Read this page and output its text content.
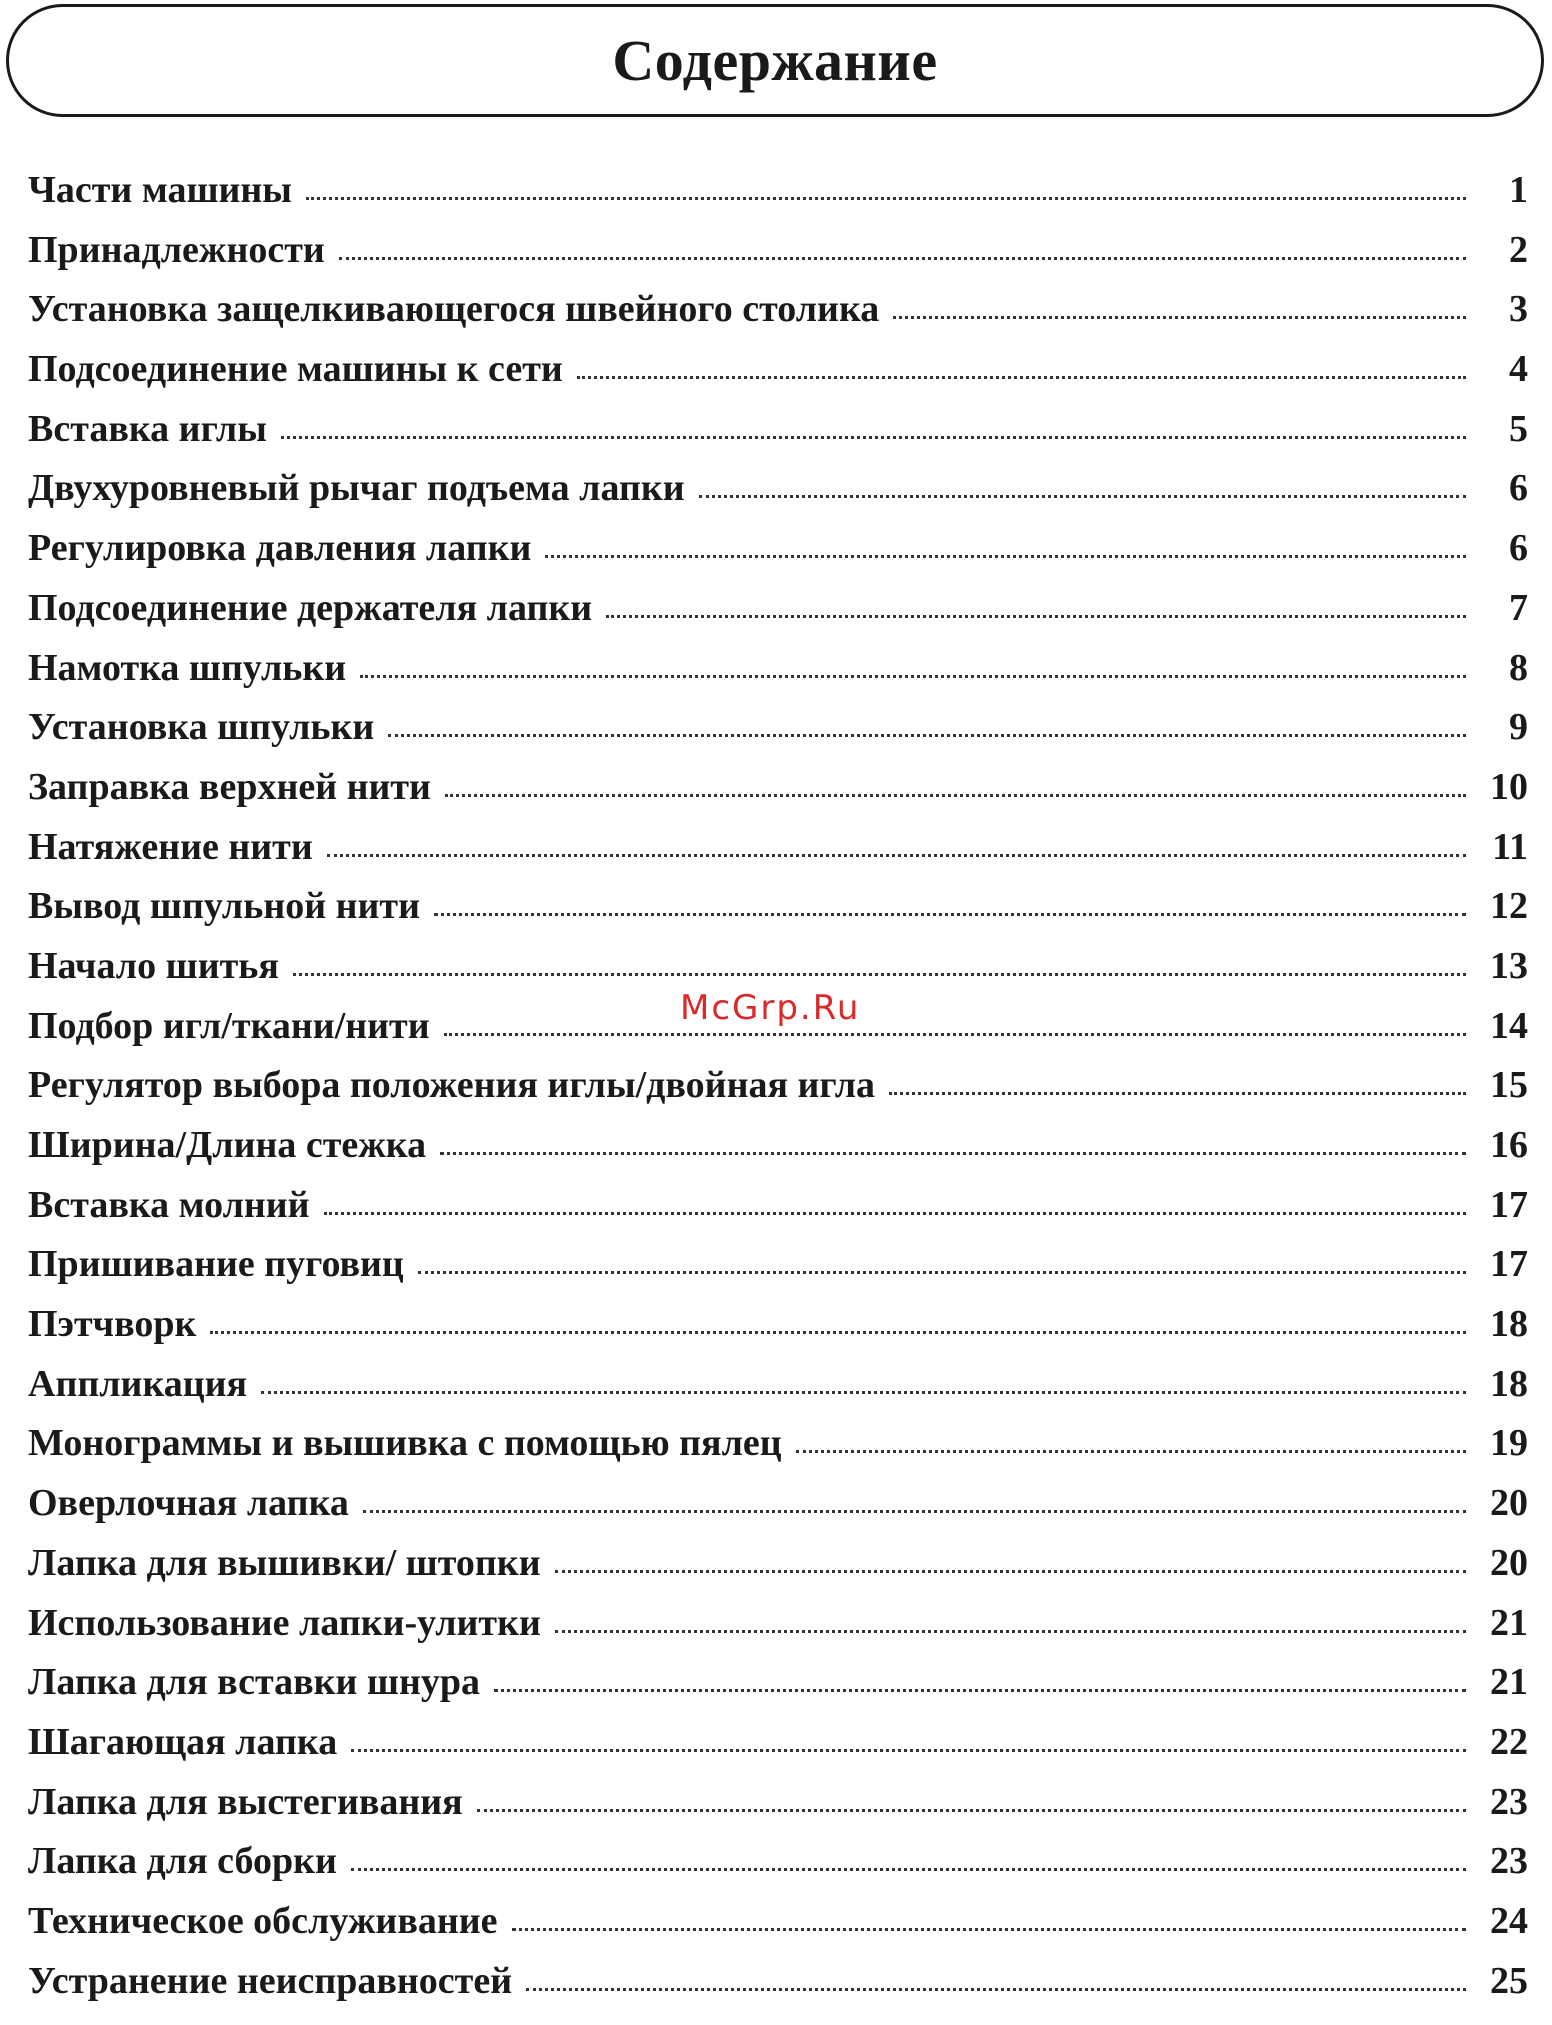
Содержание
Части машины	1
Принадлежности	2
Установка защелкивающегося швейного столика	3
Подсоединение машины к сети	4
Вставка иглы	5
Двухуровневый рычаг подъема лапки	6
Регулировка давления лапки	6
Подсоединение держателя лапки	7
Намотка шпульки	8
Установка шпульки	9
Заправка верхней нити	10
Натяжение нити	11
Вывод шпульной нити	12
Начало шитья	13
Подбор игл/ткани/нити	14
Регулятор выбора положения иглы/двойная игла	15
Ширина/Длина стежка	16
Вставка молний	17
Пришивание пуговиц	17
Пэтчворк	18
Аппликация	18
Монограммы и вышивка с помощью пялец	19
Оверлочная лапка	20
Лапка для вышивки/ штопки	20
Использование лапки-улитки	21
Лапка для вставки шнура	21
Шагающая лапка	22
Лапка для выстегивания	23
Лапка для сборки	23
Техническое обслуживание	24
Устранение неисправностей	25
McGrp.Ru
